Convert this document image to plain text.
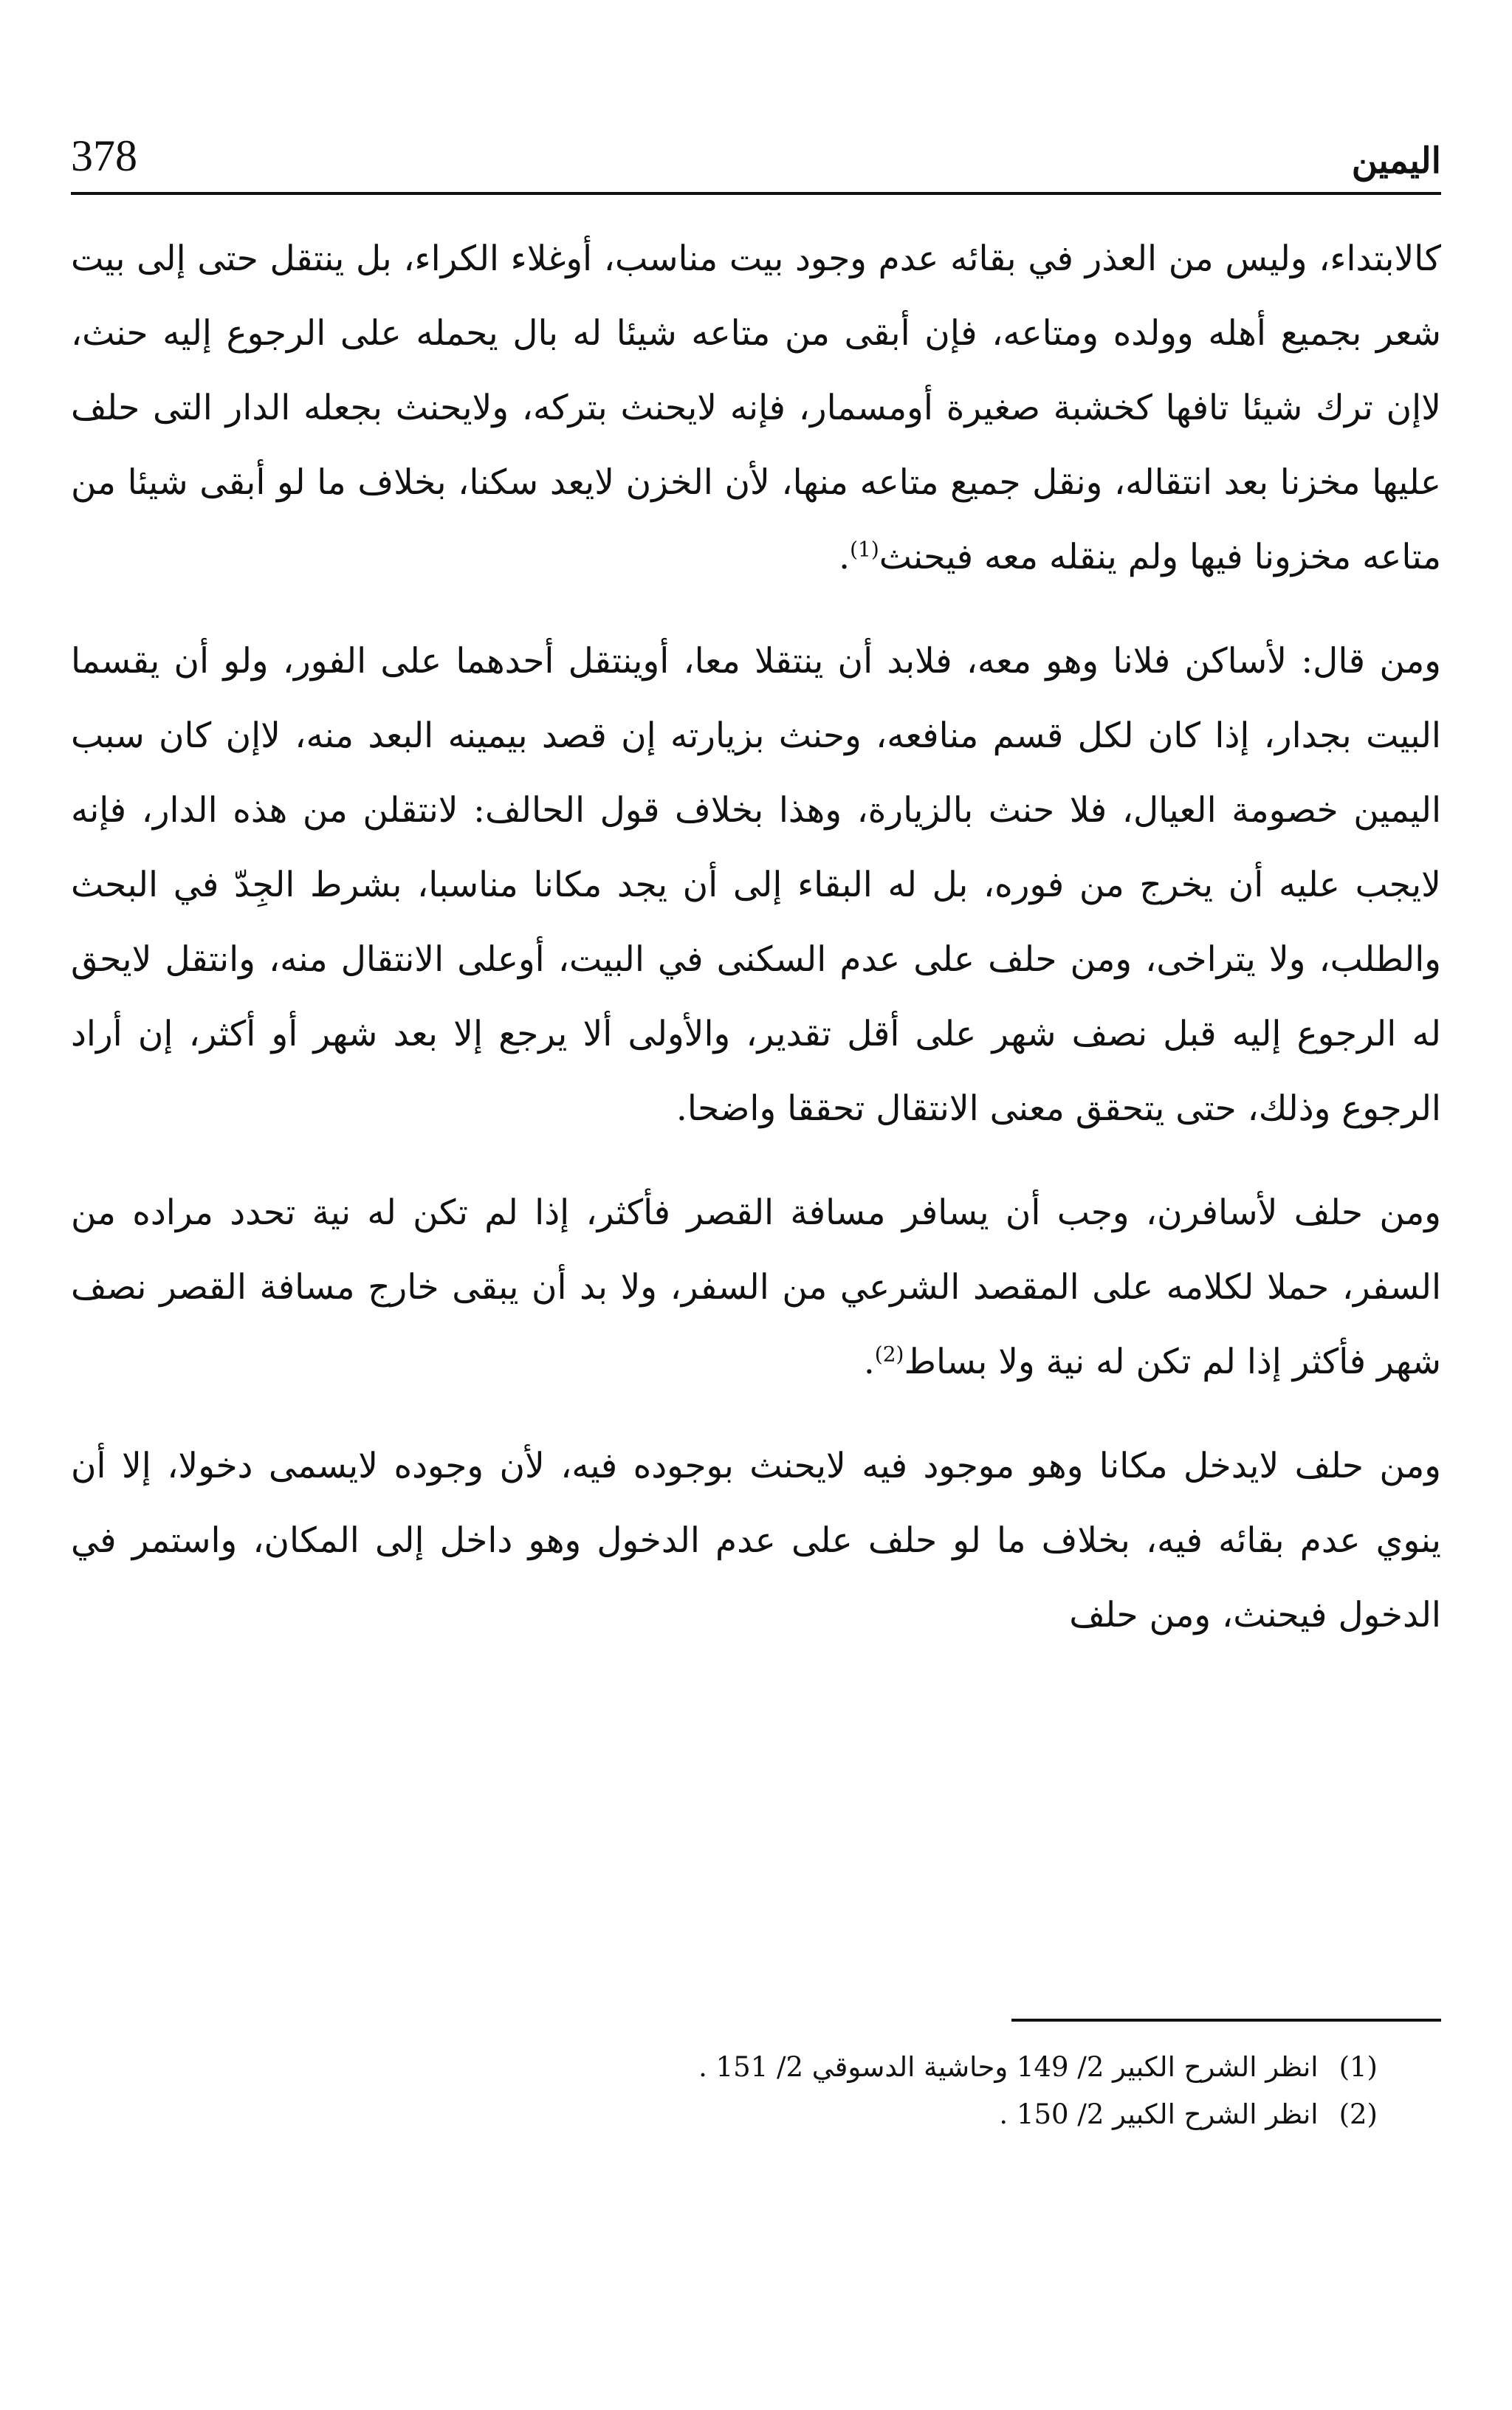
378	اليمين

كالابتداء، وليس من العذر في بقائه عدم وجود بيت مناسب، أوغلاء الكراء، بل ينتقل حتى إلى بيت شعر بجميع أهله وولده ومتاعه، فإن أبقى من متاعه شيئا له بال يحمله على الرجوع إليه حنث، لاإن ترك شيئا تافها كخشبة صغيرة أومسمار، فإنه لايحنث بتركه، ولايحنث بجعله الدار التى حلف عليها مخزنا بعد انتقاله، ونقل جميع متاعه منها، لأن الخزن لايعد سكنا، بخلاف ما لو أبقى شيئا من متاعه مخزونا فيها ولم ينقله معه فيحنث$^{(1)}$.

ومن قال: لأساكن فلانا وهو معه، فلابد أن ينتقلا معا، أوينتقل أحدهما على الفور، ولو أن يقسما البيت بجدار، إذا كان لكل قسم منافعه، وحنث بزيارته إن قصد بيمينه البعد منه، لاإن كان سبب اليمين خصومة العيال، فلا حنث بالزيارة، وهذا بخلاف قول الحالف: لانتقلن من هذه الدار، فإنه لايجب عليه أن يخرج من فوره، بل له البقاء إلى أن يجد مكانا مناسبا، بشرط الجِدّ في البحث والطلب، ولا يتراخى، ومن حلف على عدم السكنى في البيت، أوعلى الانتقال منه، وانتقل لايحق له الرجوع إليه قبل نصف شهر على أقل تقدير، والأولى ألا يرجع إلا بعد شهر أو أكثر، إن أراد الرجوع وذلك، حتى يتحقق معنى الانتقال تحققا واضحا.

ومن حلف لأسافرن، وجب أن يسافر مسافة القصر فأكثر، إذا لم تكن له نية تحدد مراده من السفر، حملا لكلامه على المقصد الشرعي من السفر، ولا بد أن يبقى خارج مسافة القصر نصف شهر فأكثر إذا لم تكن له نية ولا بساط$^{(2)}$.

ومن حلف لايدخل مكانا وهو موجود فيه لايحنث بوجوده فيه، لأن وجوده لايسمى دخولا، إلا أن ينوي عدم بقائه فيه، بخلاف ما لو حلف على عدم الدخول وهو داخل إلى المكان، واستمر في الدخول فيحنث، ومن حلف

(1)انظر الشرح الكبير 2/ 149 وحاشية الدسوقي 2/ 151 .
(2)انظر الشرح الكبير 2/ 150 .
